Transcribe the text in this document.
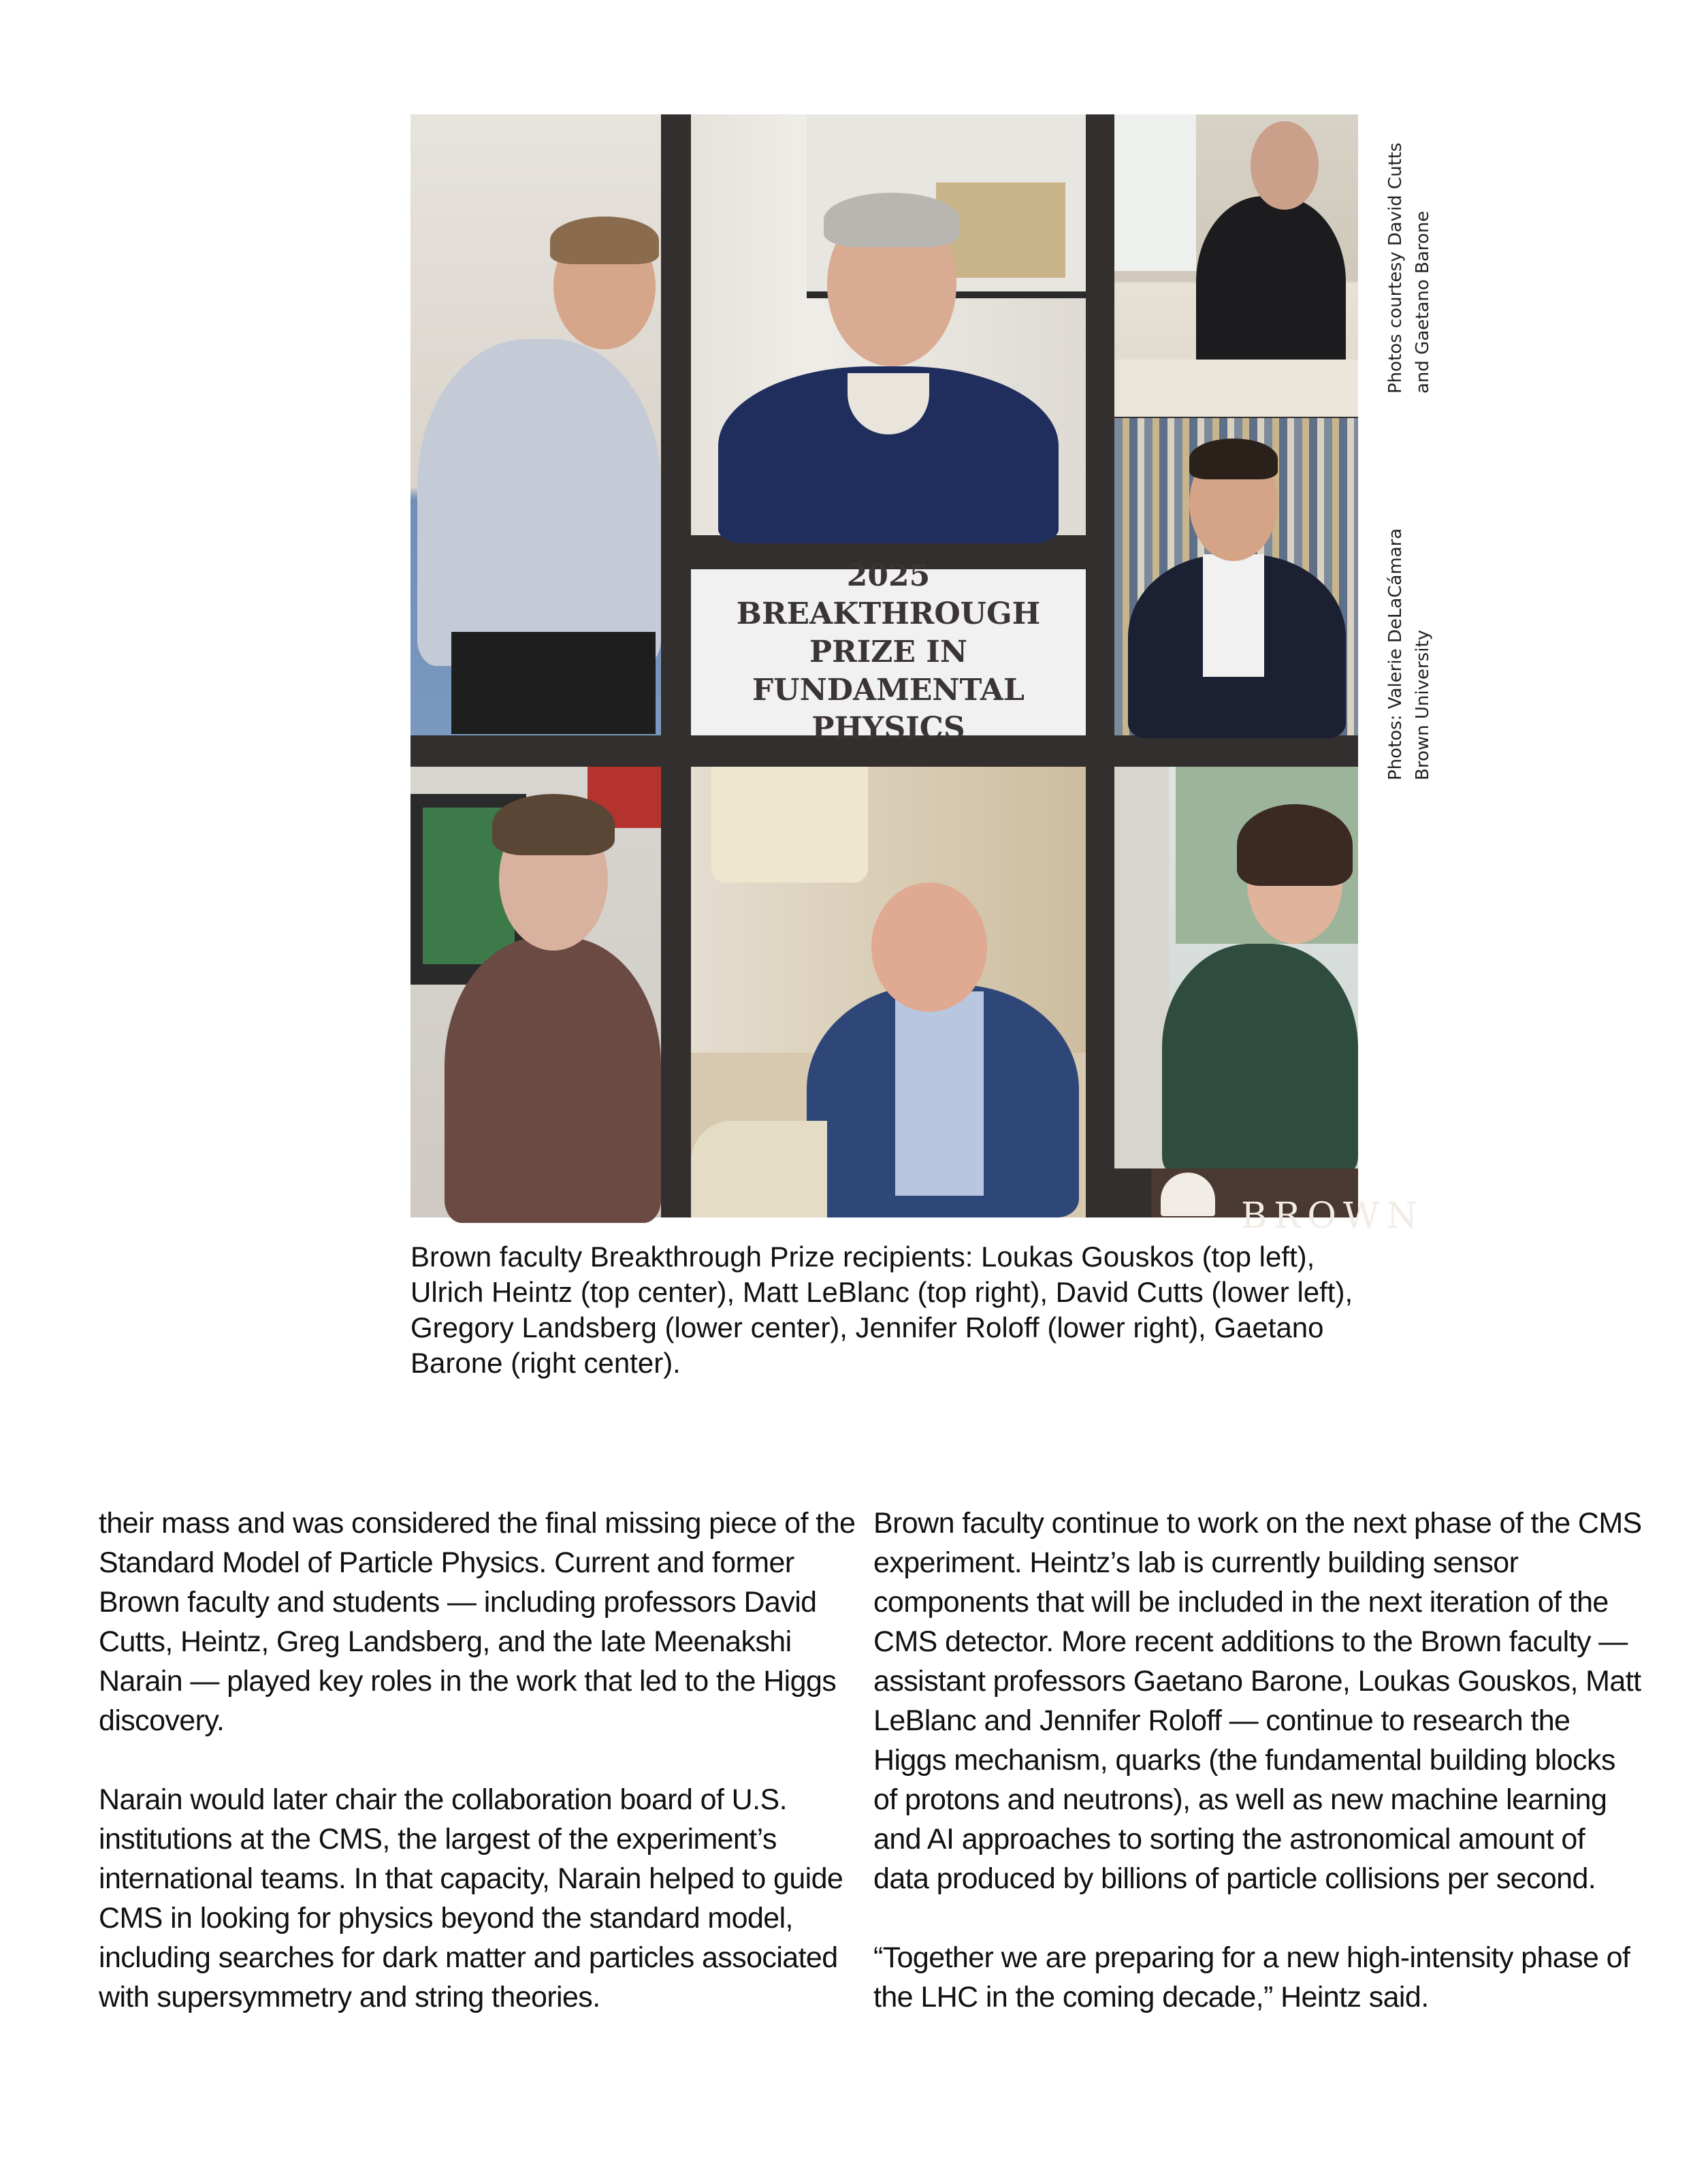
2025 BREAKTHROUGH
PRIZE IN
FUNDAMENTAL
PHYSICS
BROWN
Photos courtesy David Cutts and Gaetano Barone
Photos: Valerie DeLaCámara Brown University
Brown faculty Breakthrough Prize recipients: Loukas Gouskos (top left), Ulrich Heintz (top center), Matt LeBlanc (top right), David Cutts (lower left), Gregory Landsberg (lower center), Jennifer Roloff (lower right), Gaetano Barone (right center).

their mass and was considered the final missing piece of the Standard Model of Particle Physics. Current and former Brown faculty and students — including professors David Cutts, Heintz, Greg Landsberg, and the late Meenakshi Narain — played key roles in the work that led to the Higgs discovery.

Narain would later chair the collaboration board of U.S. institutions at the CMS, the largest of the experiment’s international teams. In that capacity, Narain helped to guide CMS in looking for physics beyond the standard model, including searches for dark matter and particles associated with supersymmetry and string theories.

Brown faculty continue to work on the next phase of the CMS experiment. Heintz’s lab is currently building sensor components that will be included in the next iteration of the CMS detector. More recent additions to the Brown faculty — assistant professors Gaetano Barone, Loukas Gouskos, Matt LeBlanc and Jennifer Roloff — continue to research the Higgs mechanism, quarks (the fundamental building blocks of protons and neutrons), as well as new machine learning and AI approaches to sorting the astronomical amount of data produced by billions of particle collisions per second.

“Together we are preparing for a new high-intensity phase of the LHC in the coming decade,” Heintz said.
